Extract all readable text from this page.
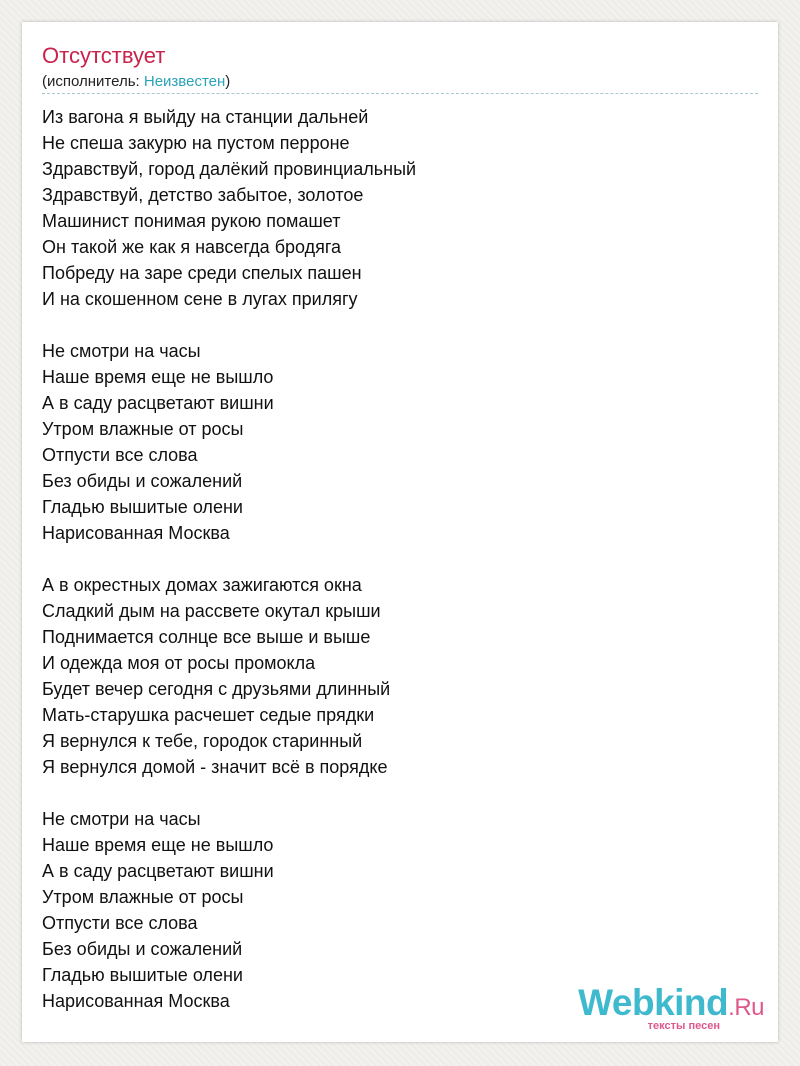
Отсутствует
(исполнитель: Неизвестен)
Из вагона я выйду на станции дальней
Не спеша закурю на пустом перроне
Здравствуй, город далёкий провинциальный
Здравствуй, детство забытое, золотое
Машинист понимая рукою помашет
Он такой же как я навсегда бродяга
Побреду на заре среди спелых пашен
И на скошенном сене в лугах прилягу
Не смотри на часы
Наше время еще не вышло
А в саду расцветают вишни
Утром влажные от росы
Отпусти все слова
Без обиды и сожалений
Гладью вышитые олени
Нарисованная Москва
А в окрестных домах зажигаются окна
Сладкий дым на рассвете окутал крыши
Поднимается солнце все выше и выше
И одежда моя от росы промокла
Будет вечер сегодня с друзьями длинный
Мать-старушка расчешет седые прядки
Я вернулся к тебе, городок старинный
Я вернулся домой - значит всё в порядке
Не смотри на часы
Наше время еще не вышло
А в саду расцветают вишни
Утром влажные от росы
Отпусти все слова
Без обиды и сожалений
Гладью вышитые олени
Нарисованная Москва	Webkind.Ru
тексты песен
